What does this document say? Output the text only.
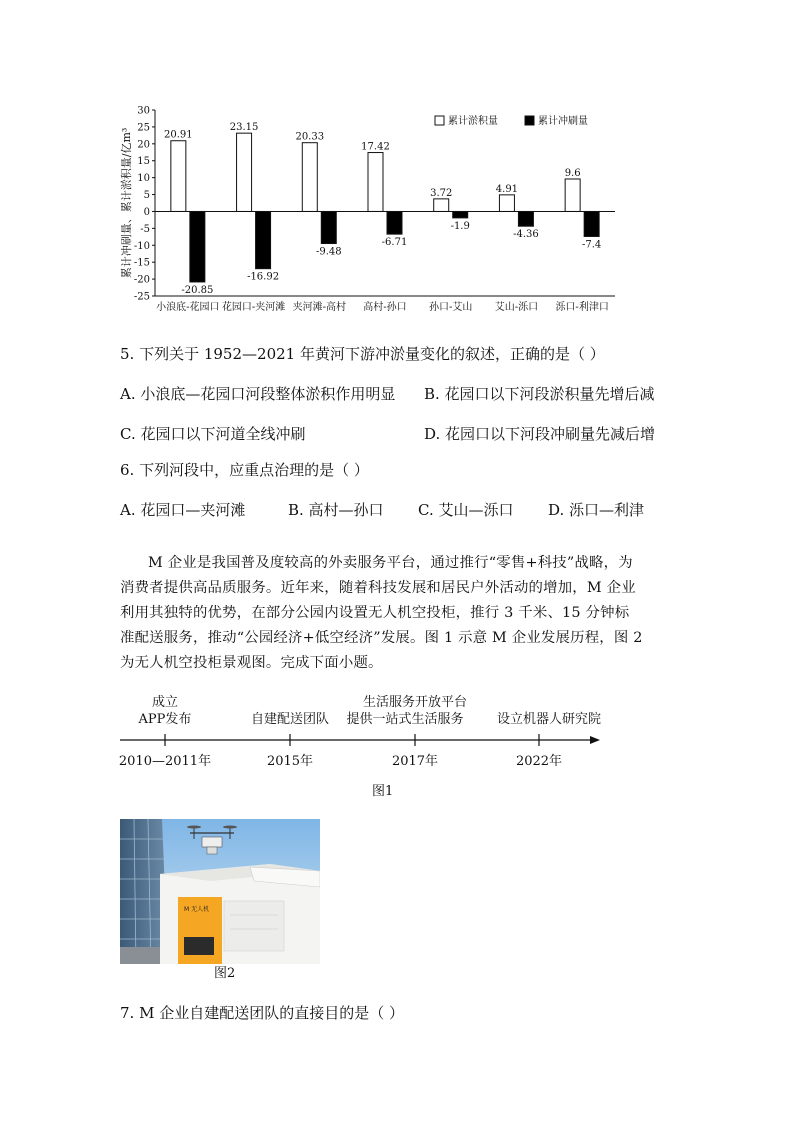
30
25
20
15
10
5
0
-5
-10
-15
-20
-25
累计冲刷量、累计淤积量/亿m³	20.91
-20.85
小浪底-花园口
23.15
-16.92
花园口-夹河滩
20.33
-9.48
夹河滩-高村
17.42
-6.71
高村-孙口
3.72
-1.9
孙口-艾山
4.91
-4.36
艾山-泺口
9.6
-7.4
泺口-利津口
累计淤积量	累计冲刷量
5. 下列关于 1952—2021 年黄河下游冲淤量变化的叙述，正确的是（ ）
A. 小浪底—花园口河段整体淤积作用明显 B. 花园口以下河段淤积量先增后减
C. 花园口以下河道全线冲刷	D. 花园口以下河段冲刷量先减后增
6. 下列河段中，应重点治理的是（ ）
A. 花园口—夹河滩	B. 高村—孙口 C. 艾山—泺口 D. 泺口—利津

M 企业是我国普及度较高的外卖服务平台，通过推行“零售+科技”战略，为

消费者提供高品质服务。近年来，随着科技发展和居民户外活动的增加，M 企业

利用其独特的优势，在部分公园内设置无人机空投柜，推行 3 千米、15 分钟标

准配送服务，推动“公园经济+低空经济”发展。图 1 示意 M 企业发展历程，图 2

为无人机空投柜景观图。完成下面小题。

成立
APP发布	自建配送团队
生活服务开放平台
提供一站式生活服务	设立机器人研究院
2010—2011年	2015年	2017年	2022年
图1
M 无人机
图2
7. M 企业自建配送团队的直接目的是（ ）
